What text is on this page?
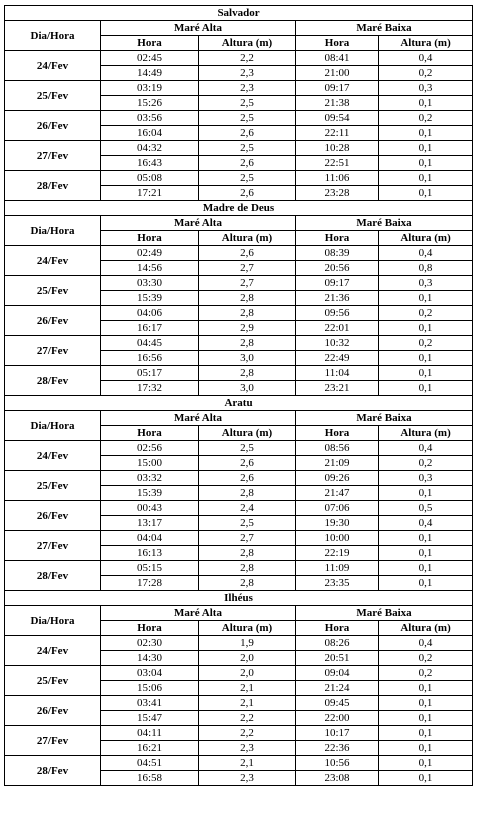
Salvador				
Dia/Hora	Maré Alta		Maré Baixa	
	Hora	Altura (m)	Hora	Altura (m)
24/Fev	02:45	2,2	08:41	0,4
	14:49	2,3	21:00	0,2
25/Fev	03:19	2,3	09:17	0,3
	15:26	2,5	21:38	0,1
26/Fev	03:56	2,5	09:54	0,2
	16:04	2,6	22:11	0,1
27/Fev	04:32	2,5	10:28	0,1
	16:43	2,6	22:51	0,1
28/Fev	05:08	2,5	11:06	0,1
	17:21	2,6	23:28	0,1
Madre de Deus				
Dia/Hora	Maré Alta		Maré Baixa	
	Hora	Altura (m)	Hora	Altura (m)
24/Fev	02:49	2,6	08:39	0,4
	14:56	2,7	20:56	0,8
25/Fev	03:30	2,7	09:17	0,3
	15:39	2,8	21:36	0,1
26/Fev	04:06	2,8	09:56	0,2
	16:17	2,9	22:01	0,1
27/Fev	04:45	2,8	10:32	0,2
	16:56	3,0	22:49	0,1
28/Fev	05:17	2,8	11:04	0,1
	17:32	3,0	23:21	0,1
Aratu				
Dia/Hora	Maré Alta		Maré Baixa	
	Hora	Altura (m)	Hora	Altura (m)
24/Fev	02:56	2,5	08:56	0,4
	15:00	2,6	21:09	0,2
25/Fev	03:32	2,6	09:26	0,3
	15:39	2,8	21:47	0,1
26/Fev	00:43	2,4	07:06	0,5
	13:17	2,5	19:30	0,4
27/Fev	04:04	2,7	10:00	0,1
	16:13	2,8	22:19	0,1
28/Fev	05:15	2,8	11:09	0,1
	17:28	2,8	23:35	0,1
Ilhéus				
Dia/Hora	Maré Alta		Maré Baixa	
	Hora	Altura (m)	Hora	Altura (m)
24/Fev	02:30	1,9	08:26	0,4
	14:30	2,0	20:51	0,2
25/Fev	03:04	2,0	09:04	0,2
	15:06	2,1	21:24	0,1
26/Fev	03:41	2,1	09:45	0,1
	15:47	2,2	22:00	0,1
27/Fev	04:11	2,2	10:17	0,1
	16:21	2,3	22:36	0,1
28/Fev	04:51	2,1	10:56	0,1
	16:58	2,3	23:08	0,1
